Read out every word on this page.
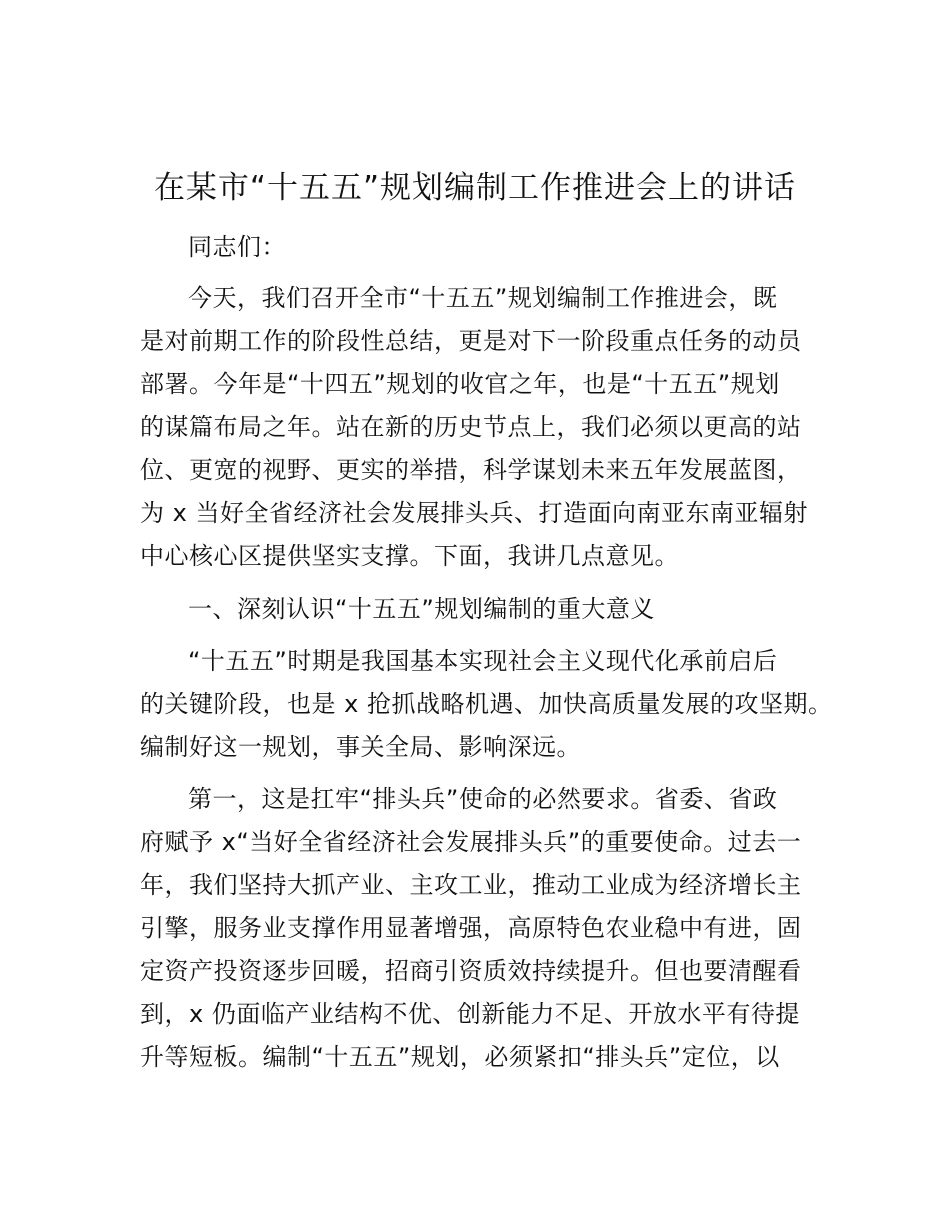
在某市“十五五”规划编制工作推进会上的讲话

同志们：

今天，我们召开全市“十五五”规划编制工作推进会，既
是对前期工作的阶段性总结，更是对下一阶段重点任务的动员
部署。今年是“十四五”规划的收官之年，也是“十五五”规划
的谋篇布局之年。站在新的历史节点上，我们必须以更高的站
位、更宽的视野、更实的举措，科学谋划未来五年发展蓝图，
为 x 当好全省经济社会发展排头兵、打造面向南亚东南亚辐射
中心核心区提供坚实支撑。下面，我讲几点意见。

一、深刻认识“十五五”规划编制的重大意义

“十五五”时期是我国基本实现社会主义现代化承前启后
的关键阶段，也是 x 抢抓战略机遇、加快高质量发展的攻坚期。
编制好这一规划，事关全局、影响深远。

第一，这是扛牢“排头兵”使命的必然要求。省委、省政
府赋予 x“当好全省经济社会发展排头兵”的重要使命。过去一
年，我们坚持大抓产业、主攻工业，推动工业成为经济增长主
引擎，服务业支撑作用显著增强，高原特色农业稳中有进，固
定资产投资逐步回暖，招商引资质效持续提升。但也要清醒看
到，x 仍面临产业结构不优、创新能力不足、开放水平有待提
升等短板。编制“十五五”规划，必须紧扣“排头兵”定位，以
